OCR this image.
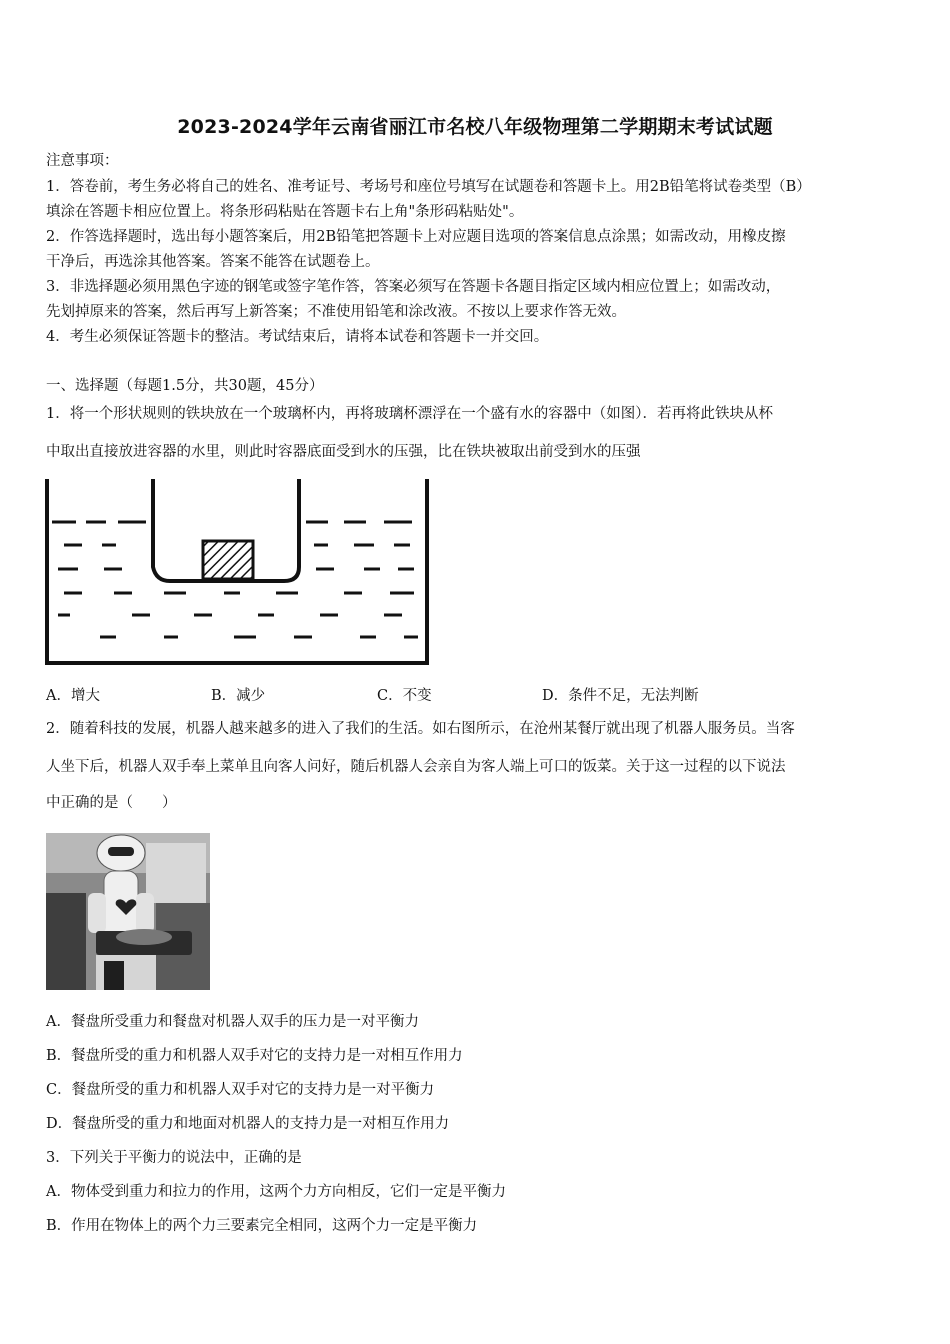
2023-2024学年云南省丽江市名校八年级物理第二学期期末考试试题
注意事项：
1．答卷前，考生务必将自己的姓名、准考证号、考场号和座位号填写在试题卷和答题卡上。用2B铅笔将试卷类型（B）
填涂在答题卡相应位置上。将条形码粘贴在答题卡右上角"条形码粘贴处"。
2．作答选择题时，选出每小题答案后，用2B铅笔把答题卡上对应题目选项的答案信息点涂黑；如需改动，用橡皮擦
干净后，再选涂其他答案。答案不能答在试题卷上。
3．非选择题必须用黑色字迹的钢笔或签字笔作答，答案必须写在答题卡各题目指定区域内相应位置上；如需改动，
先划掉原来的答案，然后再写上新答案；不准使用铅笔和涂改液。不按以上要求作答无效。
4．考生必须保证答题卡的整洁。考试结束后，请将本试卷和答题卡一并交回。
一、选择题（每题1.5分，共30题，45分）
1．将一个形状规则的铁块放在一个玻璃杯内，再将玻璃杯漂浮在一个盛有水的容器中（如图）．若再将此铁块从杯
中取出直接放进容器的水里，则此时容器底面受到水的压强，比在铁块被取出前受到水的压强
A．增大	B．减少	C．不变	D．条件不足，无法判断
2．随着科技的发展，机器人越来越多的进入了我们的生活。如右图所示，在沧州某餐厅就出现了机器人服务员。当客
人坐下后，机器人双手奉上菜单且向客人问好，随后机器人会亲自为客人端上可口的饭菜。关于这一过程的以下说法
中正确的是（　　）
A．餐盘所受重力和餐盘对机器人双手的压力是一对平衡力
B．餐盘所受的重力和机器人双手对它的支持力是一对相互作用力
C．餐盘所受的重力和机器人双手对它的支持力是一对平衡力
D．餐盘所受的重力和地面对机器人的支持力是一对相互作用力
3．下列关于平衡力的说法中，正确的是
A．物体受到重力和拉力的作用，这两个力方向相反，它们一定是平衡力
B．作用在物体上的两个力三要素完全相同，这两个力一定是平衡力
